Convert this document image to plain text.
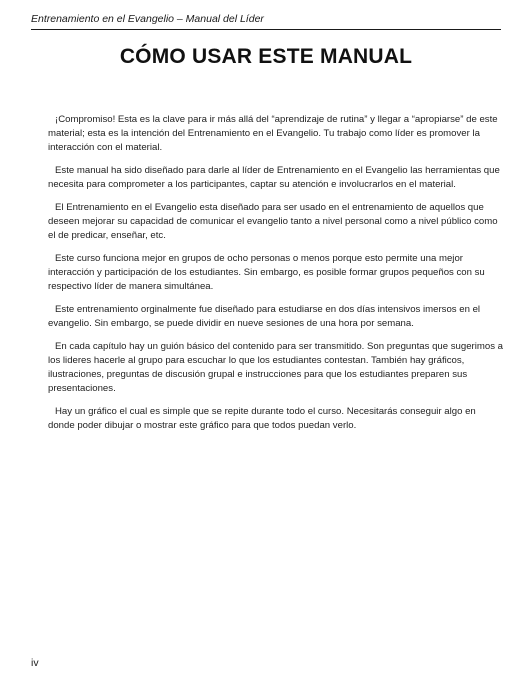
Entrenamiento en el Evangelio – Manual del Líder
CÓMO USAR ESTE MANUAL

¡Compromiso! Esta es la clave para ir más allá del “aprendizaje de rutina” y llegar a “apropiarse” de este material; esta es la intención del Entrenamiento en el Evangelio. Tu trabajo como líder es promover la interacción con el material.

Este manual ha sido diseñado para darle al líder de Entrenamiento en el Evangelio las herramientas que necesita para comprometer a los participantes, captar su atención e involucrarlos en el material.

El Entrenamiento en el Evangelio esta diseñado para ser usado en el entrenamiento de aquellos que deseen mejorar su capacidad de comunicar el evangelio tanto a nivel personal como a nivel público como el de predicar, enseñar, etc.

Este curso funciona mejor en grupos de ocho personas o menos porque esto permite una mejor interacción y participación de los estudiantes. Sin embargo, es posible formar grupos pequeños con su respectivo líder de manera simultánea.

Este entrenamiento orginalmente fue diseñado para estudiarse en dos días intensivos imersos en el evangelio. Sin embargo, se puede dividir en nueve sesiones de una hora por semana.

En cada capítulo hay un guión básico del contenido para ser transmitido. Son preguntas que sugerimos a los lideres hacerle al grupo para escuchar lo que los estudiantes contestan. También hay gráficos, ilustraciones, preguntas de discusión grupal e instrucciones para que los estudiantes preparen sus presentaciones.

Hay un gráfico el cual es simple que se repite durante todo el curso. Necesitarás conseguir algo en donde poder dibujar o mostrar este gráfico para que todos puedan verlo.

iv
